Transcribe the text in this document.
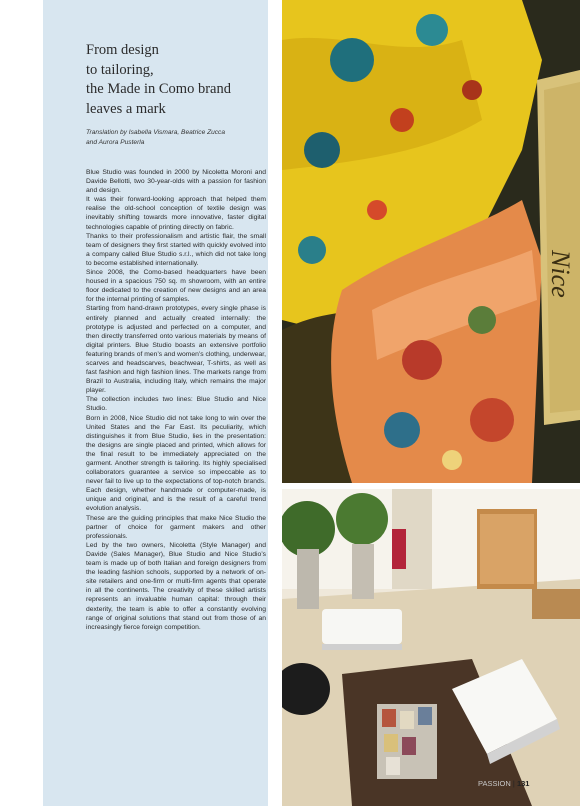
From design
to tailoring,
the Made in Como brand
leaves a mark
Translation by Isabella Vismara, Beatrice Zucca
and Aurora Pusterla

Blue Studio was founded in 2000 by Nicoletta Moroni and Davide Bellotti, two 30-year-olds with a passion for fashion and design.

It was their forward-looking approach that helped them realise the old-school conception of textile design was inevitably shifting towards more innovative, faster digital technologies capable of printing directly on fabric.

Thanks to their professionalism and artistic flair, the small team of designers they first started with quickly evolved into a company called Blue Studio s.r.l., which did not take long to become established internationally.

Since 2008, the Como-based headquarters have been housed in a spacious 750 sq. m showroom, with an entire floor dedicated to the creation of new designs and an area for the internal printing of samples.

Starting from hand-drawn prototypes, every single phase is entirely planned and actually created internally: the prototype is adjusted and perfected on a computer, and then directly transferred onto various materials by means of digital printers. Blue Studio boasts an extensive portfolio featuring brands of men’s and women’s clothing, underwear, scarves and headscarves, beachwear, T-shirts, as well as fast fashion and high fashion lines. The markets range from Brazil to Australia, including Italy, which remains the major player.

The collection includes two lines: Blue Studio and Nice Studio.

Born in 2008, Nice Studio did not take long to win over the United States and the Far East. Its peculiarity, which distinguishes it from Blue Studio, lies in the presentation: the designs are single placed and printed, which allows for the final result to be immediately appreciated on the garment. Another strength is tailoring. Its highly specialised collaborators guarantee a service so impeccable as to never fail to live up to the expectations of top-notch brands. Each design, whether handmade or computer-made, is unique and original, and is the result of a careful trend evolution analysis.

These are the guiding principles that make Nice Studio the partner of choice for garment makers and other professionals.

Led by the two owners, Nicoletta (Style Manager) and Davide (Sales Manager), Blue Studio and Nice Studio’s team is made up of both Italian and foreign designers from the leading fashion schools, supported by a network of on-site retailers and one-firm or multi-firm agents that operate in all the continents. The creativity of these skilled artists represents an invaluable human capital: through their dexterity, the team is able to offer a constantly evolving range of original solutions that stand out from those of an increasingly fierce foreign competition.

Nice
PASSION | 131
